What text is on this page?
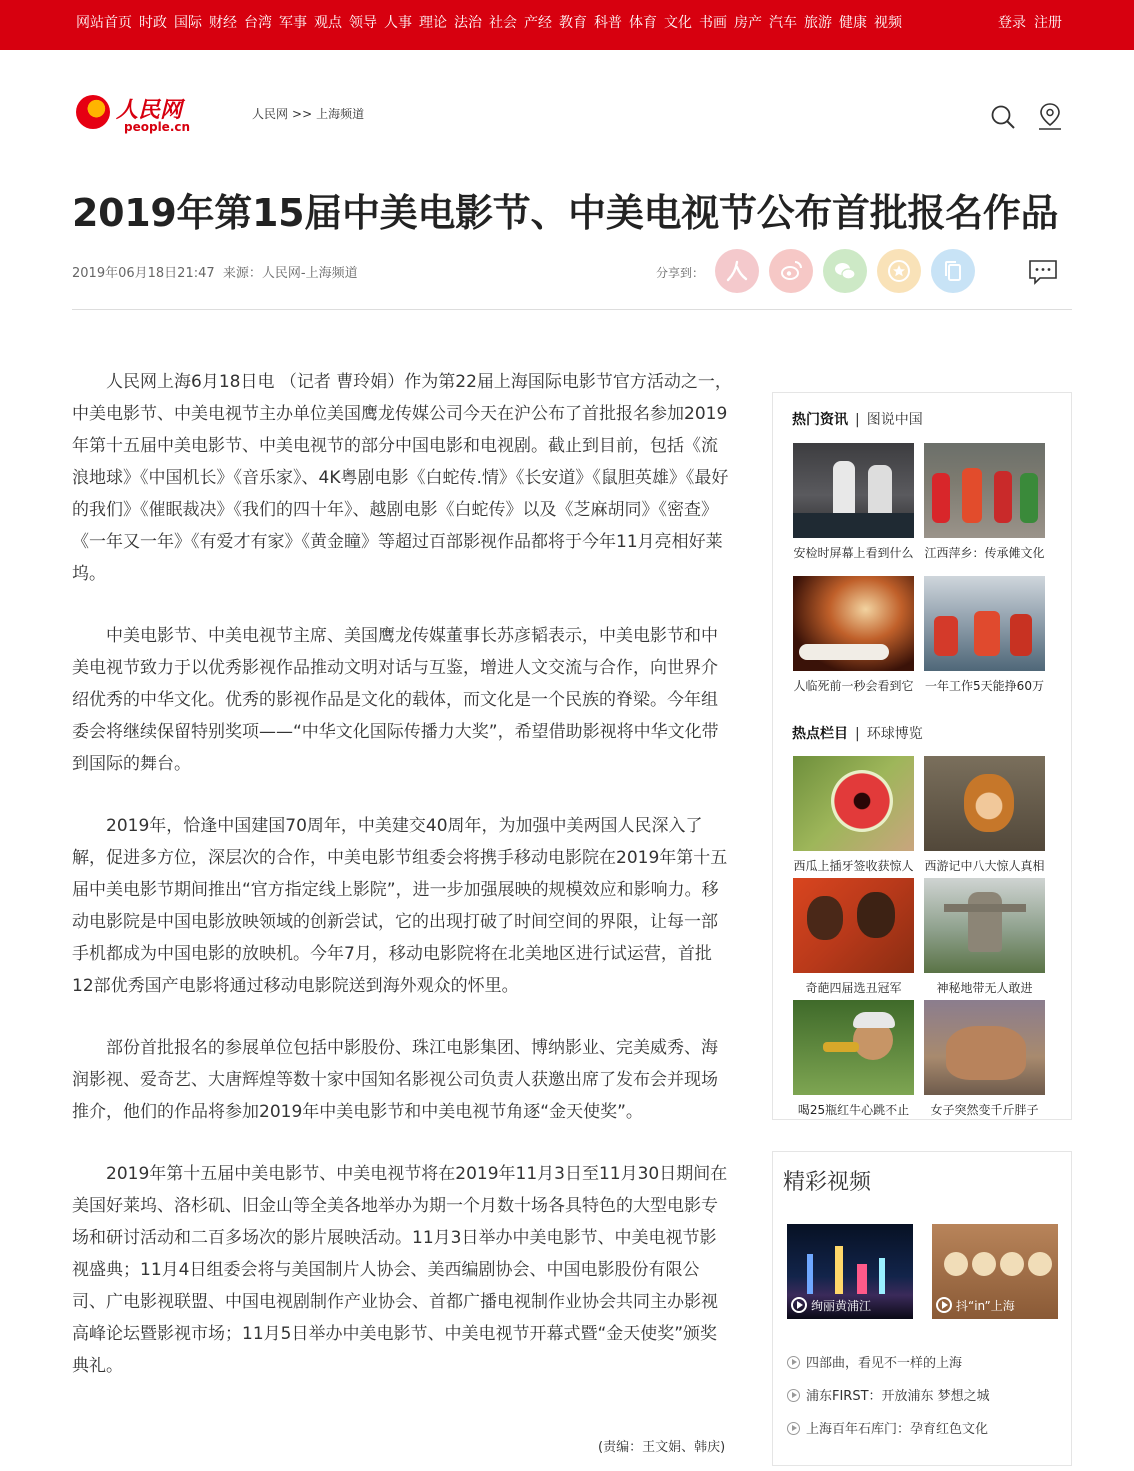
网站首页 时政 国际 财经 台湾 军事 观点 领导 人事 理论 法治 社会 产经 教育 科普 体育 文化 书画 房产 汽车 旅游 健康 视频	登录 注册
人民网
people.cn
人民网 >> 上海频道
2019年第15届中美电影节、中美电视节公布首批报名作品
2019年06月18日21:47 来源：人民网-上海频道	分享到：

人民网上海6月18日电 （记者 曹玲娟）作为第22届上海国际电影节官方活动之一，中美电影节、中美电视节主办单位美国鹰龙传媒公司今天在沪公布了首批报名参加2019年第十五届中美电影节、中美电视节的部分中国电影和电视剧。截止到目前，包括《流浪地球》《中国机长》《音乐家》、4K粤剧电影《白蛇传.情》《长安道》《鼠胆英雄》《最好的我们》《催眠裁决》《我们的四十年》、越剧电影《白蛇传》以及《芝麻胡同》《密查》《一年又一年》《有爱才有家》《黄金瞳》等超过百部影视作品都将于今年11月亮相好莱坞。

中美电影节、中美电视节主席、美国鹰龙传媒董事长苏彦韬表示，中美电影节和中美电视节致力于以优秀影视作品推动文明对话与互鉴，增进人文交流与合作，向世界介绍优秀的中华文化。优秀的影视作品是文化的载体，而文化是一个民族的脊梁。今年组委会将继续保留特别奖项——“中华文化国际传播力大奖”，希望借助影视将中华文化带到国际的舞台。

2019年，恰逢中国建国70周年，中美建交40周年，为加强中美两国人民深入了解，促进多方位，深层次的合作，中美电影节组委会将携手移动电影院在2019年第十五届中美电影节期间推出“官方指定线上影院”，进一步加强展映的规模效应和影响力。移动电影院是中国电影放映领域的创新尝试，它的出现打破了时间空间的界限，让每一部手机都成为中国电影的放映机。今年7月，移动电影院将在北美地区进行试运营，首批12部优秀国产电影将通过移动电影院送到海外观众的怀里。

部份首批报名的参展单位包括中影股份、珠江电影集团、博纳影业、完美威秀、海润影视、爱奇艺、大唐辉煌等数十家中国知名影视公司负责人获邀出席了发布会并现场推介，他们的作品将参加2019年中美电影节和中美电视节角逐“金天使奖”。

2019年第十五届中美电影节、中美电视节将在2019年11月3日至11月30日期间在美国好莱坞、洛杉矶、旧金山等全美各地举办为期一个月数十场各具特色的大型电影专场和研讨活动和二百多场次的影片展映活动。11月3日举办中美电影节、中美电视节影视盛典；11月4日组委会将与美国制片人协会、美西编剧协会、中国电影股份有限公司、广电影视联盟、中国电视剧制作产业协会、首都广播电视制作业协会共同主办影视高峰论坛暨影视市场；11月5日举办中美电影节、中美电视节开幕式暨“金天使奖”颁奖典礼。

(责编：王文娟、韩庆)
热门资讯 | 图说中国
安检时屏幕上看到什么 江西萍乡：传承傩文化
人临死前一秒会看到它 一年工作5天能挣60万
热点栏目 | 环球博览
西瓜上插牙签收获惊人 西游记中八大惊人真相
奇葩四届选丑冠军	神秘地带无人敢进
喝25瓶红牛心跳不止	女子突然变千斤胖子
精彩视频
绚丽黄浦江	抖“in”上海
四部曲，看见不一样的上海
浦东FIRST：开放浦东 梦想之城
上海百年石库门：孕育红色文化
